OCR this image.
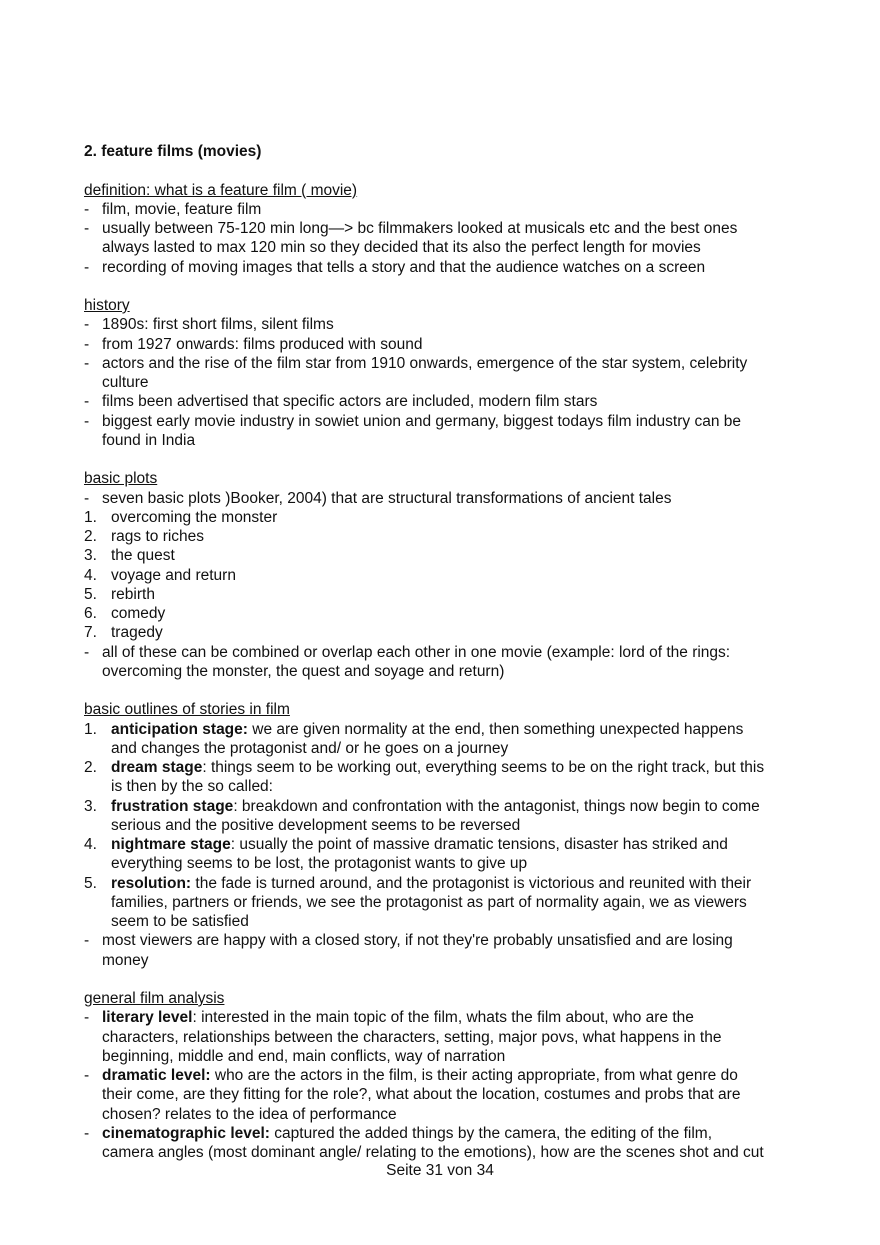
2. feature films (movies)
definition: what is a feature film ( movie)
- film, movie, feature film
- usually between 75-120 min long—> bc filmmakers looked at musicals etc and the best ones
always lasted to max 120 min so they decided that its also the perfect length for movies
- recording of moving images that tells a story and that the audience watches on a screen
history
- 1890s: first short films, silent films
- from 1927 onwards: films produced with sound
- actors and the rise of the film star from 1910 onwards, emergence of the star system, celebrity
culture
- films been advertised that specific actors are included, modern film stars
- biggest early movie industry in sowiet union and germany, biggest todays film industry can be
found in India
basic plots
- seven basic plots )Booker, 2004) that are structural transformations of ancient tales
1. overcoming the monster
2. rags to riches
3. the quest
4. voyage and return
5. rebirth
6. comedy
7. tragedy
- all of these can be combined or overlap each other in one movie (example: lord of the rings:
overcoming the monster, the quest and soyage and return)
basic outlines of stories in film
1. anticipation stage: we are given normality at the end, then something unexpected happens
and changes the protagonist and/ or he goes on a journey
2. dream stage: things seem to be working out, everything seems to be on the right track, but this
is then by the so called:
3. frustration stage: breakdown and confrontation with the antagonist, things now begin to come
serious and the positive development seems to be reversed
4. nightmare stage: usually the point of massive dramatic tensions, disaster has striked and
everything seems to be lost, the protagonist wants to give up
5. resolution: the fade is turned around, and the protagonist is victorious and reunited with their
families, partners or friends, we see the protagonist as part of normality again, we as viewers
seem to be satisfied
- most viewers are happy with a closed story, if not they're probably unsatisfied and are losing
money
general film analysis
- literary level: interested in the main topic of the film, whats the film about, who are the
characters, relationships between the characters, setting, major povs, what happens in the
beginning, middle and end, main conflicts, way of narration
- dramatic level: who are the actors in the film, is their acting appropriate, from what genre do
their come, are they fitting for the role?, what about the location, costumes and probs that are
chosen? relates to the idea of performance
- cinematographic level: captured the added things by the camera, the editing of the film,
camera angles (most dominant angle/ relating to the emotions), how are the scenes shot and cut
Seite 31 von 34
